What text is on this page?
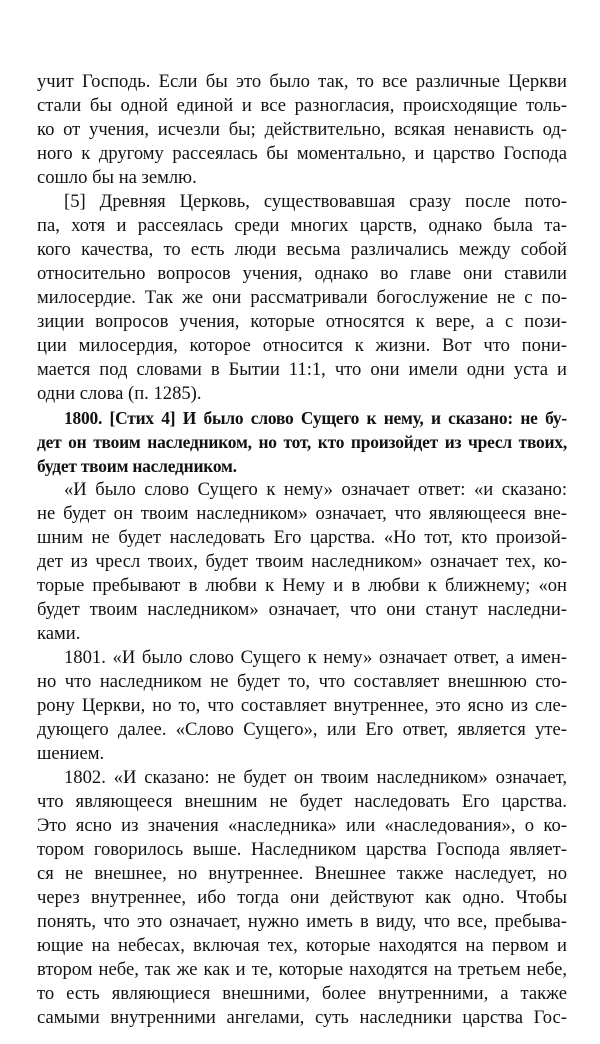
учит Господь. Если бы это было так, то все различные Церкви
стали бы одной единой и все разногласия, происходящие толь-
ко от учения, исчезли бы; действительно, всякая ненависть од-
ного к другому рассеялась бы моментально, и царство Господа
сошло бы на землю.
[5] Древняя Церковь, существовавшая сразу после пото-
па, хотя и рассеялась среди многих царств, однако была та-
кого качества, то есть люди весьма различались между собой
относительно вопросов учения, однако во главе они ставили
милосердие. Так же они рассматривали богослужение не с по-
зиции вопросов учения, которые относятся к вере, а с пози-
ции милосердия, которое относится к жизни. Вот что пони-
мается под словами в Бытии 11:1, что они имели одни уста и
одни слова (п. 1285).
1800. [Стих 4] И было слово Сущего к нему, и сказано: не бу-
дет он твоим наследником, но тот, кто произойдет из чресл твоих,
будет твоим наследником.
«И было слово Сущего к нему» означает ответ: «и сказано:
не будет он твоим наследником» означает, что являющееся вне-
шним не будет наследовать Его царства. «Но тот, кто произой-
дет из чресл твоих, будет твоим наследником» означает тех, ко-
торые пребывают в любви к Нему и в любви к ближнему; «он
будет твоим наследником» означает, что они станут наследни-
ками.
1801. «И было слово Сущего к нему» означает ответ, а имен-
но что наследником не будет то, что составляет внешнюю сто-
рону Церкви, но то, что составляет внутреннее, это ясно из сле-
дующего далее. «Слово Сущего», или Его ответ, является уте-
шением.
1802. «И сказано: не будет он твоим наследником» означает,
что являющееся внешним не будет наследовать Его царства.
Это ясно из значения «наследника» или «наследования», о ко-
тором говорилось выше. Наследником царства Господа являет-
ся не внешнее, но внутреннее. Внешнее также наследует, но
через внутреннее, ибо тогда они действуют как одно. Чтобы
понять, что это означает, нужно иметь в виду, что все, пребыва-
ющие на небесах, включая тех, которые находятся на первом и
втором небе, так же как и те, которые находятся на третьем небе,
то есть являющиеся внешними, более внутренними, а также
самыми внутренними ангелами, суть наследники царства Гос-
